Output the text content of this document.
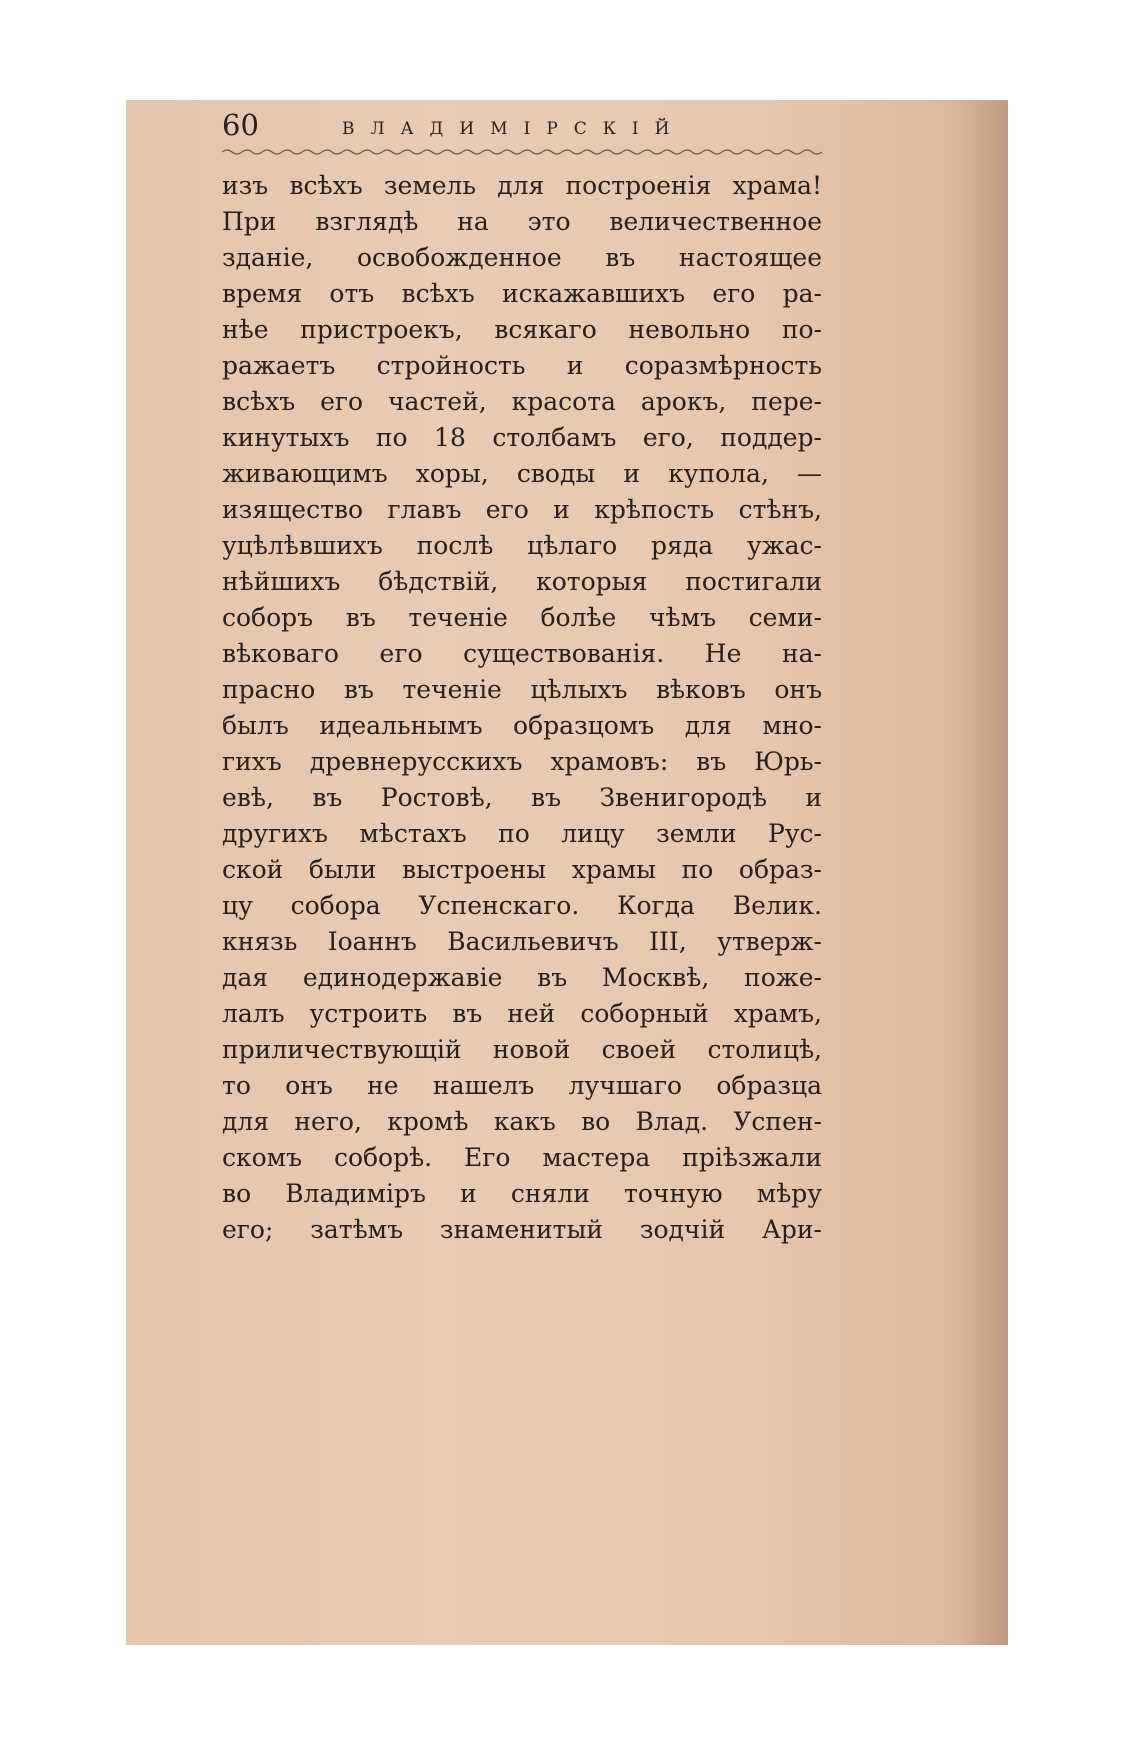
60	ВЛАДИМІРСКІЙ
изъ всѣхъ земель для построенія храма!
При взглядѣ на это величественное
зданіе, освобожденное въ настоящее
время отъ всѣхъ искажавшихъ его ра-
нѣе пристроекъ, всякаго невольно по-
ражаетъ стройность и соразмѣрность
всѣхъ его частей, красота арокъ, пере-
кинутыхъ по 18 столбамъ его, поддер-
живающимъ хоры, своды и купола, —
изящество главъ его и крѣпость стѣнъ,
уцѣлѣвшихъ послѣ цѣлаго ряда ужас-
нѣйшихъ бѣдствій, которыя постигали
соборъ въ теченіе болѣе чѣмъ семи-
вѣковаго его существованія. Не на-
прасно въ теченіе цѣлыхъ вѣковъ онъ
былъ идеальнымъ образцомъ для мно-
гихъ древнерусскихъ храмовъ: въ Юрь-
евѣ, въ Ростовѣ, въ Звенигородѣ и
другихъ мѣстахъ по лицу земли Рус-
ской были выстроены храмы по образ-
цу собора Успенскаго. Когда Велик.
князь Іоаннъ Васильевичъ III, утверж-
дая единодержавіе въ Москвѣ, поже-
лалъ устроить въ ней соборный храмъ,
приличествующій новой своей столицѣ,
то онъ не нашелъ лучшаго образца
для него, кромѣ какъ во Влад. Успен-
скомъ соборѣ. Его мастера пріѣзжали
во Владиміръ и сняли точную мѣру
его; затѣмъ знаменитый зодчій Ари-
